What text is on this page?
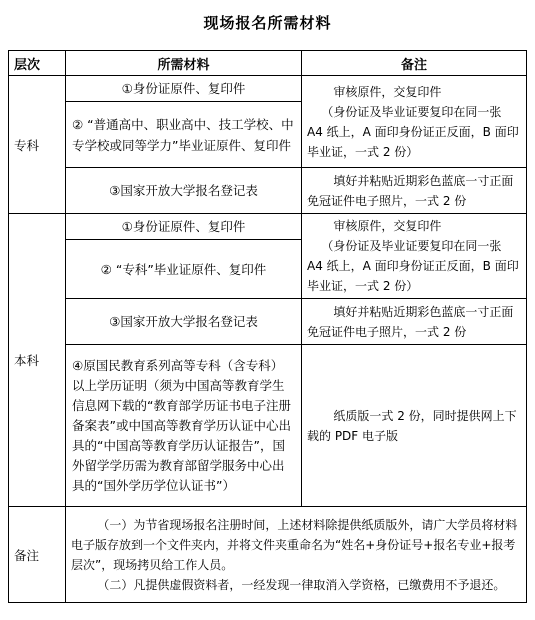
现场报名所需材料
层次	所需材料	备注
专科	①身份证原件、复印件	审核原件，交复印件
（身份证及毕业证要复印在同一张 A4 纸上，A 面印身份证正反面，B 面印毕业证，一式 2 份）

	② “普通高中、职业高中、技工学校、中专学校或同等学力”毕业证原件、复印件	
	③国家开放大学报名登记表	填好并粘贴近期彩色蓝底一寸正面免冠证件电子照片，一式 2 份

本科	①身份证原件、复印件	审核原件，交复印件
（身份证及毕业证要复印在同一张 A4 纸上，A 面印身份证正反面，B 面印毕业证，一式 2 份）

	② “专科”毕业证原件、复印件	
	③国家开放大学报名登记表	填好并粘贴近期彩色蓝底一寸正面免冠证件电子照片，一式 2 份

	④原国民教育系列高等专科（含专科）以上学历证明（须为中国高等教育学生信息网下载的“教育部学历证书电子注册备案表”或中国高等教育学历认证中心出具的“中国高等教育学历认证报告”，国外留学学历需为教育部留学服务中心出具的“国外学历学位认证书”）	纸质版一式 2 份，同时提供网上下载的 PDF 电子版

备注	（一）为节省现场报名注册时间，上述材料除提供纸质版外，请广大学员将材料电子版存放到一个文件夹内，并将文件夹重命名为“姓名+身份证号+报名专业+报考层次”，现场拷贝给工作人员。
（二）凡提供虚假资料者，一经发现一律取消入学资格，已缴费用不予退还。	
